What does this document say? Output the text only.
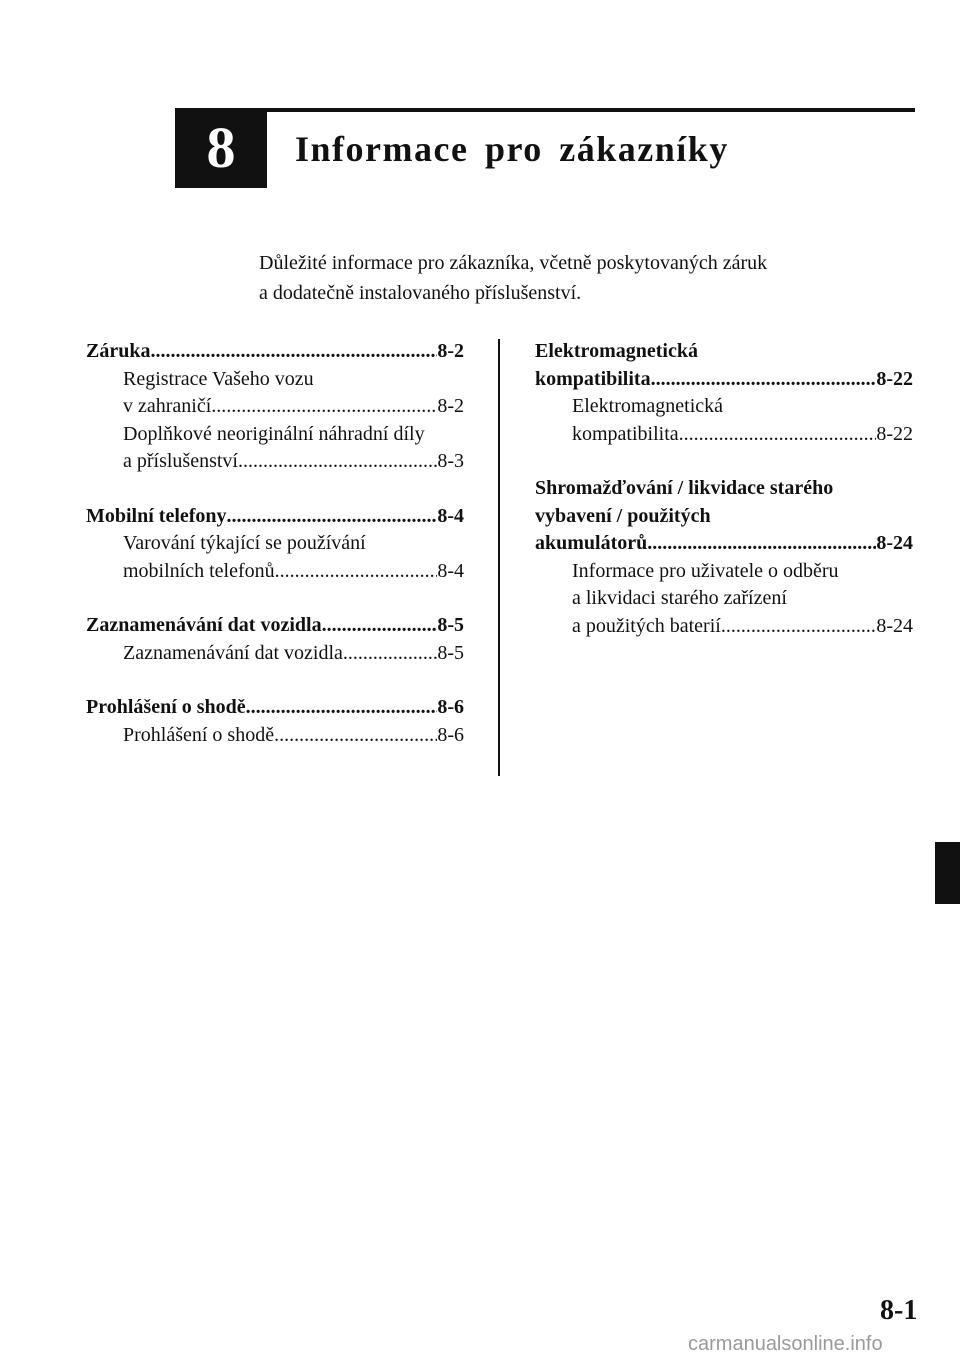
8	Informace pro zákazníky
Důležité informace pro zákazníka, včetně poskytovaných záruk
a dodatečně instalovaného příslušenství.
Záruka .....	8-2
Registrace Vašeho vozu
v zahraničí .....	8-2
Doplňkové neoriginální náhradní díly
a příslušenství .....	8-3
Mobilní telefony .....	8-4
Varování týkající se používání
mobilních telefonů .....	8-4
Zaznamenávání dat vozidla .....	8-5
Zaznamenávání dat vozidla .....	8-5
Prohlášení o shodě .....	8-6
Prohlášení o shodě .....	8-6
Elektromagnetická
kompatibilita .....	8-22
Elektromagnetická
kompatibilita .....	8-22
Shromažďování / likvidace starého
vybavení / použitých
akumulátorů .....	8-24
Informace pro uživatele o odběru
a likvidaci starého zařízení
a použitých baterií .....	8-24
8-1
carmanualsonline.info
